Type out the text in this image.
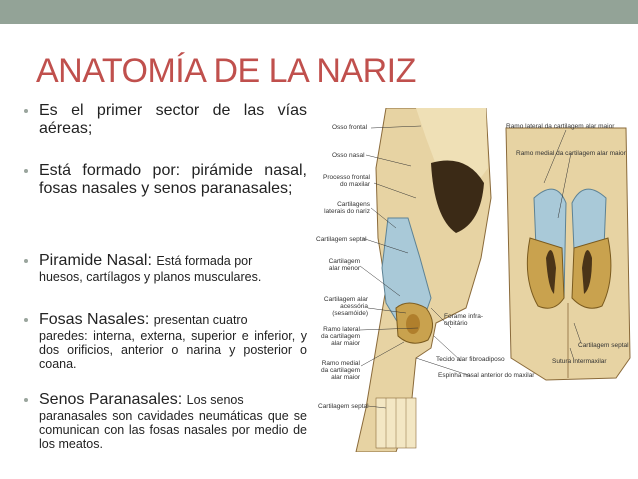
ANATOMÍA DE LA NARIZ
Es el primer sector de las vías aéreas;
Está formado por: pirámide nasal, fosas nasales y senos paranasales;
Piramide Nasal: Está formada por
huesos, cartílagos y planos musculares.
Fosas Nasales: presentan cuatro
paredes: interna, externa, superior e inferior, y dos orificios, anterior o narina y posterior o coana.
Senos Paranasales: Los senos
paranasales son cavidades neumáticas que se comunican con las fosas nasales por medio de los meatos.
Osso frontal
Osso nasal
Processo frontal do maxilar
Cartilagens laterais do nariz
Cartilagem septal
Cartilagem alar menor
Cartilagem alar acessória (sesamóide)
Ramo lateral da cartilagem alar maior
Ramo medial da cartilagem alar maior
Cartilagem septal
Forame infra-orbitário
Tecido alar fibroadiposo
Espinha nasal anterior do maxilar
Ramo lateral da cartilagem alar maior
Ramo medial da cartilagem alar maior
Cartilagem septal
Sutura intermaxilar
